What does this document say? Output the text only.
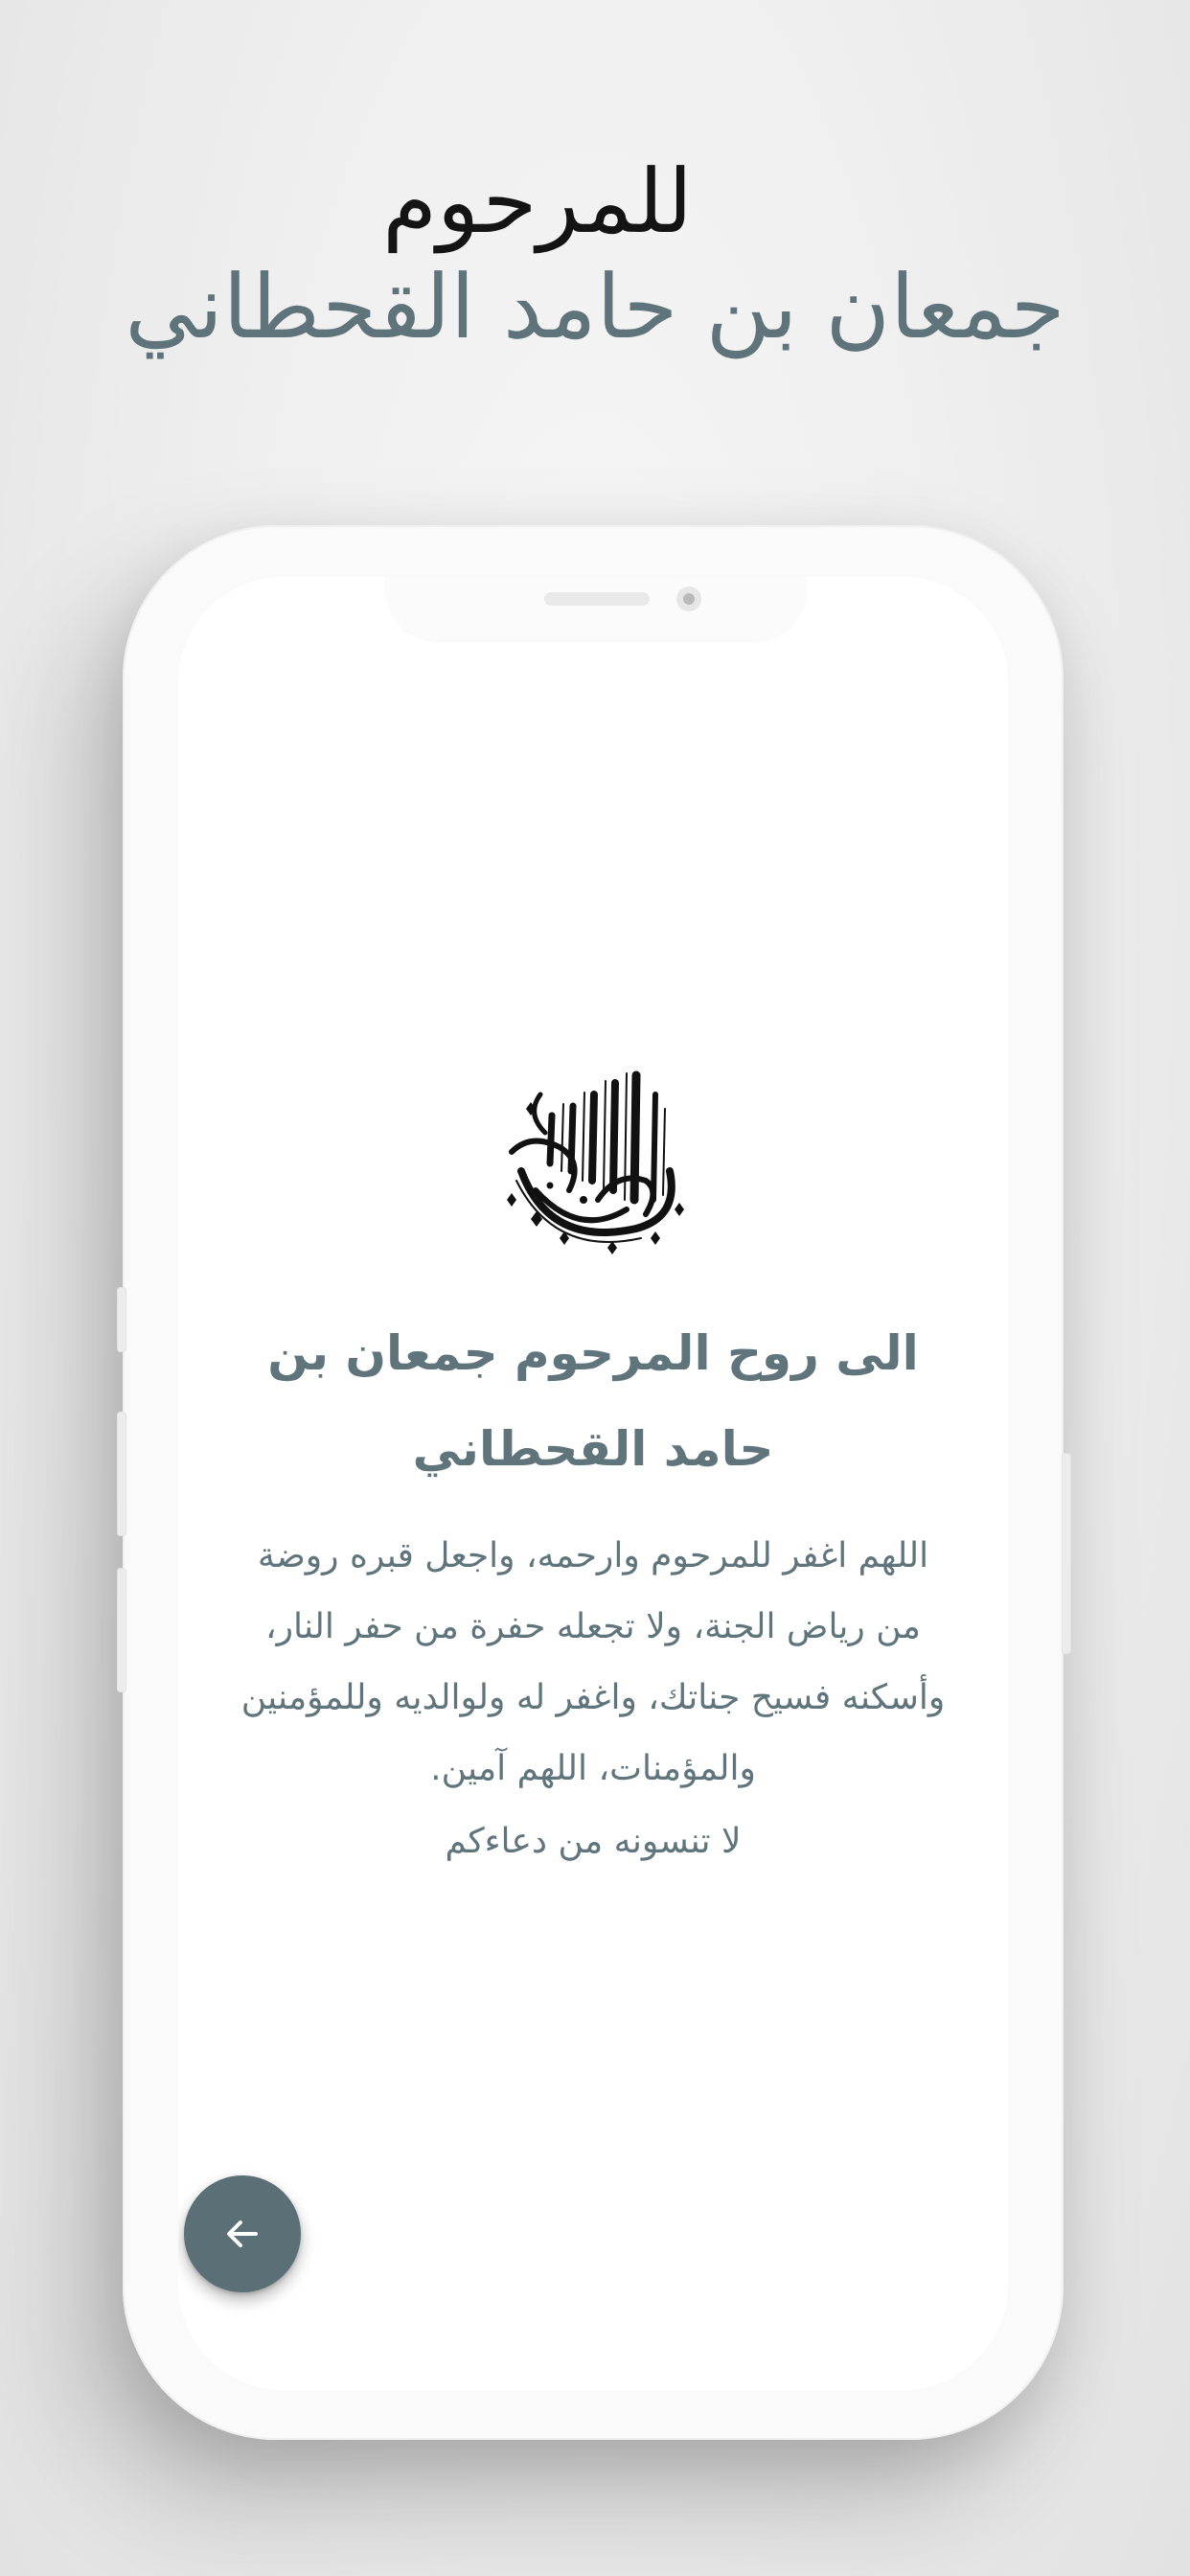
للمرحوم
جمعان بن حامد القحطاني
الى روح المرحوم جمعان بن حامد القحطاني
اللهم اغفر للمرحوم وارحمه، واجعل قبره روضة من رياض الجنة، ولا تجعله حفرة من حفر النار، وأسكنه فسيح جناتك، واغفر له ولوالديه وللمؤمنين والمؤمنات، اللهم آمين.
لا تنسونه من دعاءكم
